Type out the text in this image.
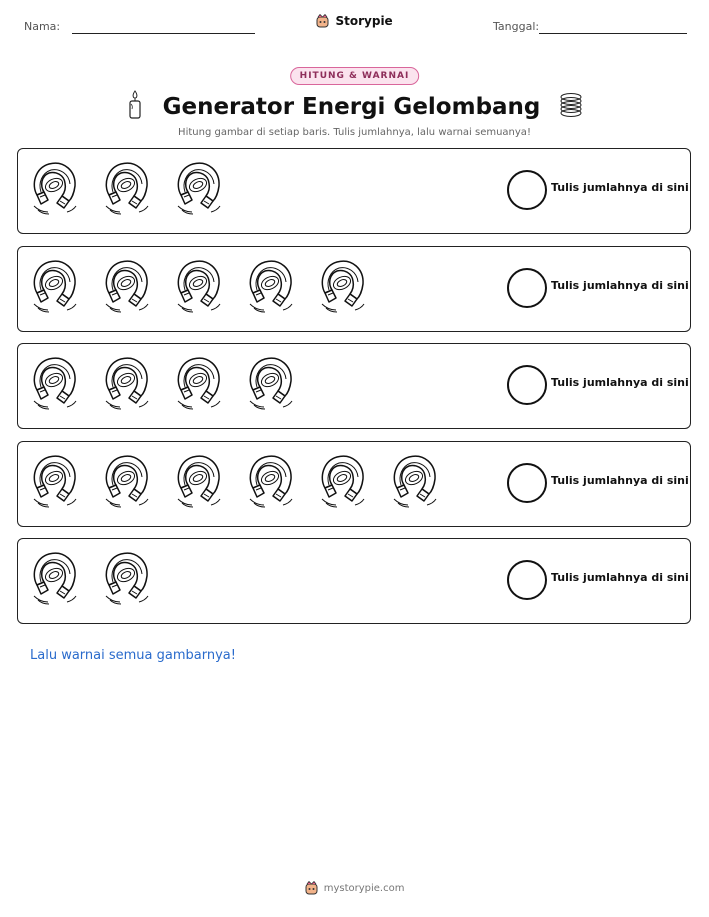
Nama:	Storypie	Tanggal:
HITUNG & WARNAI
Generator Energi Gelombang
Hitung gambar di setiap baris. Tulis jumlahnya, lalu warnai semuanya!
Tulis jumlahnya di sini
Tulis jumlahnya di sini
Tulis jumlahnya di sini
Tulis jumlahnya di sini
Tulis jumlahnya di sini
Lalu warnai semua gambarnya!
mystorypie.com
